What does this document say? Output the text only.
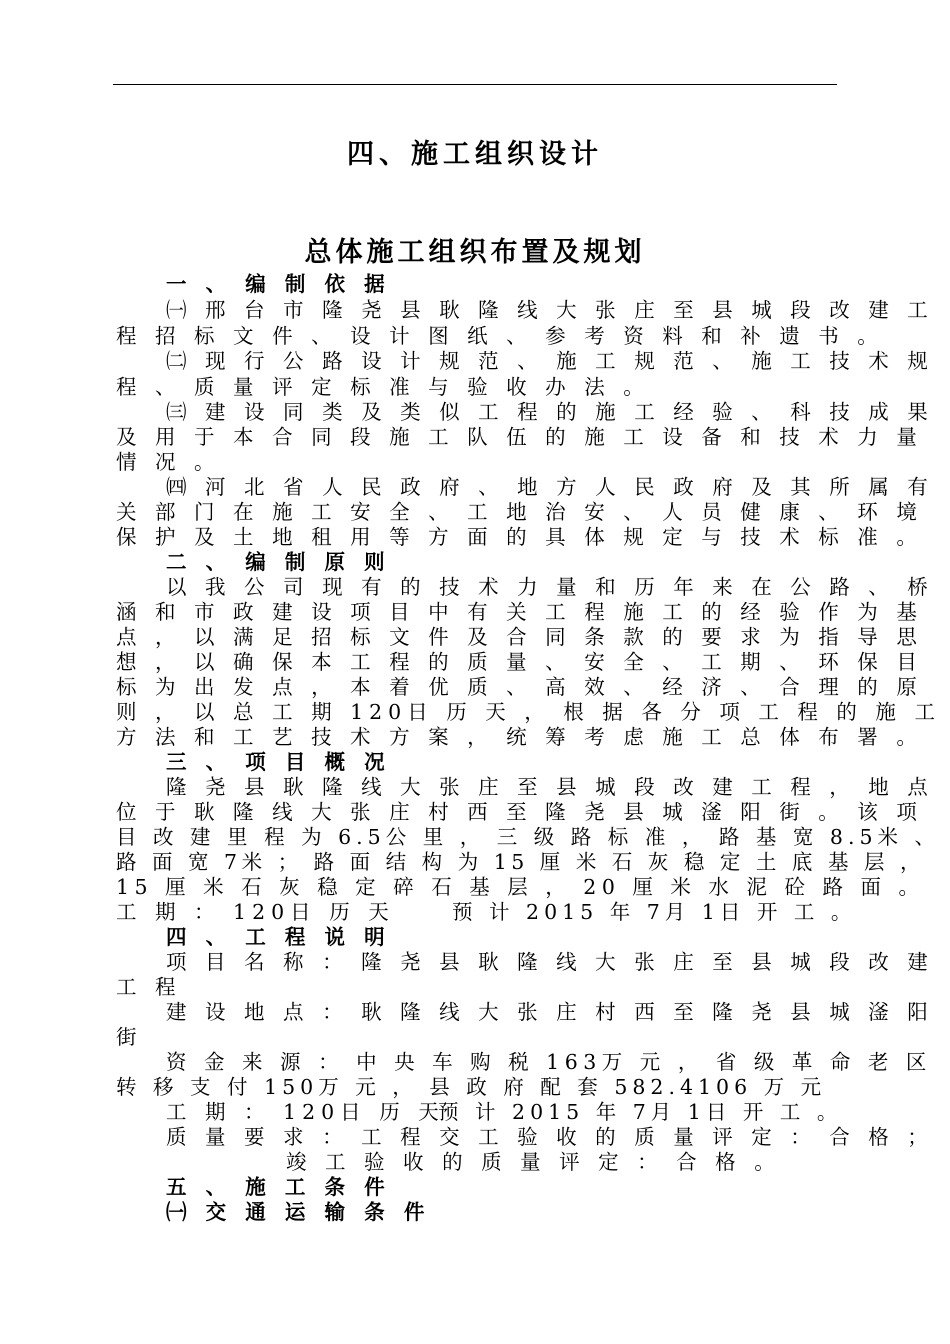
四、施工组织设计
总体施工组织布置及规划
一 、 编 制 依 据
㈠ 邢 台 市 隆 尧 县 耿 隆 线 大 张 庄 至 县 城 段 改 建 工
程 招 标 文 件 、 设 计 图 纸 、 参 考 资 料 和 补 遗 书 。
㈡ 现 行 公 路 设 计 规 范 、 施 工 规 范 、 施 工 技 术 规
程 、 质 量 评 定 标 准 与 验 收 办 法 。
㈢ 建 设 同 类 及 类 似 工 程 的 施 工 经 验 、 科 技 成 果
及 用 于 本 合 同 段 施 工 队 伍 的 施 工 设 备 和 技 术 力 量
情 况 。
㈣ 河 北 省 人 民 政 府 、 地 方 人 民 政 府 及 其 所 属 有
关 部 门 在 施 工 安 全 、 工 地 治 安 、 人 员 健 康 、 环 境
保 护 及 土 地 租 用 等 方 面 的 具 体 规 定 与 技 术 标 准 。
二 、 编 制 原 则
以 我 公 司 现 有 的 技 术 力 量 和 历 年 来 在 公 路 、 桥
涵 和 市 政 建 设 项 目 中 有 关 工 程 施 工 的 经 验 作 为 基
点 ， 以 满 足 招 标 文 件 及 合 同 条 款 的 要 求 为 指 导 思
想 ， 以 确 保 本 工 程 的 质 量 、 安 全 、 工 期 、 环 保 目
标 为 出 发 点 ， 本 着 优 质 、 高 效 、 经 济 、 合 理 的 原
则 ， 以 总 工 期 120日 历 天 ， 根 据 各 分 项 工 程 的 施 工
方 法 和 工 艺 技 术 方 案 ， 统 筹 考 虑 施 工 总 体 布 署 。
三 、 项 目 概 况
隆 尧 县 耿 隆 线 大 张 庄 至 县 城 段 改 建 工 程 ， 地 点
位 于 耿 隆 线 大 张 庄 村 西 至 隆 尧 县 城 滏 阳 街 。 该 项
目 改 建 里 程 为 6.5公 里 ， 三 级 路 标 准 ， 路 基 宽 8.5米 、
路 面 宽 7米 ； 路 面 结 构 为 15 厘 米 石 灰 稳 定 土 底 基 层 ，
15 厘 米 石 灰 稳 定 碎 石 基 层 ， 20 厘 米 水 泥 砼 路 面 。
工 期 ： 120日 历 天	预 计 2015 年 7月 1日 开 工 。
四 、 工 程 说 明
项 目 名 称 ： 隆 尧 县 耿 隆 线 大 张 庄 至 县 城 段 改 建
工 程
建 设 地 点 ： 耿 隆 线 大 张 庄 村 西 至 隆 尧 县 城 滏 阳
街
资 金 来 源 ： 中 央 车 购 税 163万 元 ， 省 级 革 命 老 区
转 移 支 付 150万 元 ， 县 政 府 配 套 582.4106 万 元
工 期 ： 120日 历 天
预 计 2015 年 7月 1日 开 工 。
质 量 要 求 ： 工 程 交 工 验 收 的 质 量 评 定 ： 合 格 ；
竣 工 验 收 的 质 量 评 定 ： 合 格 。
五 、 施 工 条 件
㈠ 交 通 运 输 条 件
